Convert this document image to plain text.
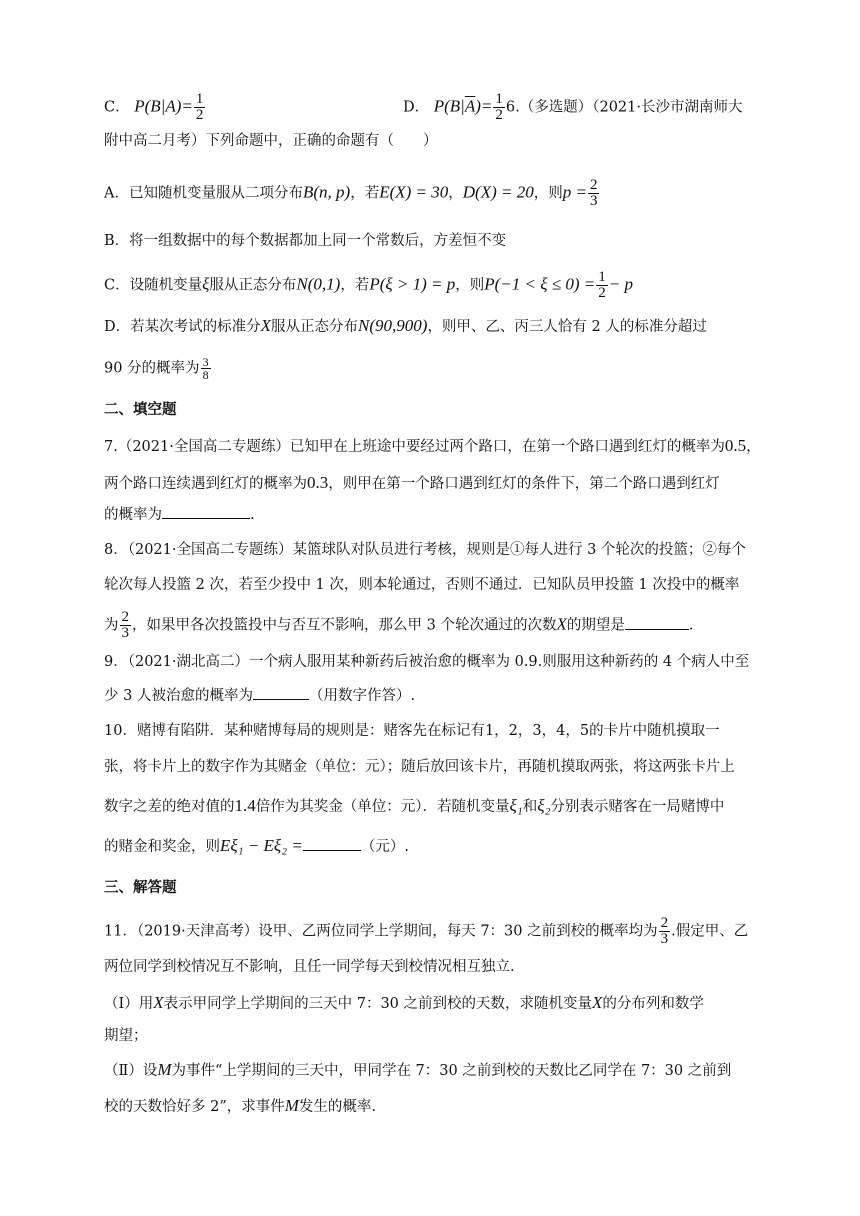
C． $P(B|A)= \frac{1}{2}$	D． $P(B|\overline{A})= \frac{1}{2} 6$.（多选题）（2021·长沙市湖南师大
附中高二月考）下列命题中，正确的命题有（　　）
A．已知随机变量服从二项分布B(n, p)，若E(X) = 30，D(X) = 20，则$p = \frac{2}{3}$
B．将一组数据中的每个数据都加上同一个常数后，方差恒不变
C．设随机变量ξ服从正态分布N(0,1)，若P(ξ > 1) = p，则$P(-1 < \xi \le 0) = \frac{1}{2} - p$
D．若某次考试的标准分X服从正态分布N(90,900)，则甲、乙、丙三人恰有 2 人的标准分超过
90 分的概率为 $\frac{3}{8}$
二、填空题
7.（2021·全国高二专题练）已知甲在上班途中要经过两个路口，在第一个路口遇到红灯的概率为0.5，
两个路口连续遇到红灯的概率为0.3，则甲在第一个路口遇到红灯的条件下，第二个路口遇到红灯
的概率为	.
8．（2021·全国高二专题练）某篮球队对队员进行考核，规则是①每人进行 3 个轮次的投篮；②每个
轮次每人投篮 2 次，若至少投中 1 次，则本轮通过，否则不通过．已知队员甲投篮 1 次投中的概率
为 $\frac{2}{3}$ ，如果甲各次投篮投中与否互不影响，那么甲 3 个轮次通过的次数X的期望是	.
9．（2021·湖北高二）一个病人服用某种新药后被治愈的概率为 0.9.则服用这种新药的 4 个病人中至
少 3 人被治愈的概率为	（用数字作答）.
10．赌博有陷阱．某种赌博每局的规则是：赌客先在标记有1，2，3，4，5的卡片中随机摸取一
张，将卡片上的数字作为其赌金（单位：元）；随后放回该卡片，再随机摸取两张，将这两张卡片上
数字之差的绝对值的1.4倍作为其奖金（单位：元）．若随机变量ξ₁和ξ₂分别表示赌客在一局赌博中
的赌金和奖金，则Eξ₁ − Eξ₂ =	（元）.
三、解答题
11．（2019·天津高考）设甲、乙两位同学上学期间，每天 7：30 之前到校的概率均为 $\frac{2}{3}$ .假定甲、乙
两位同学到校情况互不影响，且任一同学每天到校情况相互独立.
（Ⅰ）用X表示甲同学上学期间的三天中 7：30 之前到校的天数，求随机变量X的分布列和数学
期望；
（Ⅱ）设M为事件“上学期间的三天中，甲同学在 7：30 之前到校的天数比乙同学在 7：30 之前到
校的天数恰好多 2”，求事件M发生的概率.
